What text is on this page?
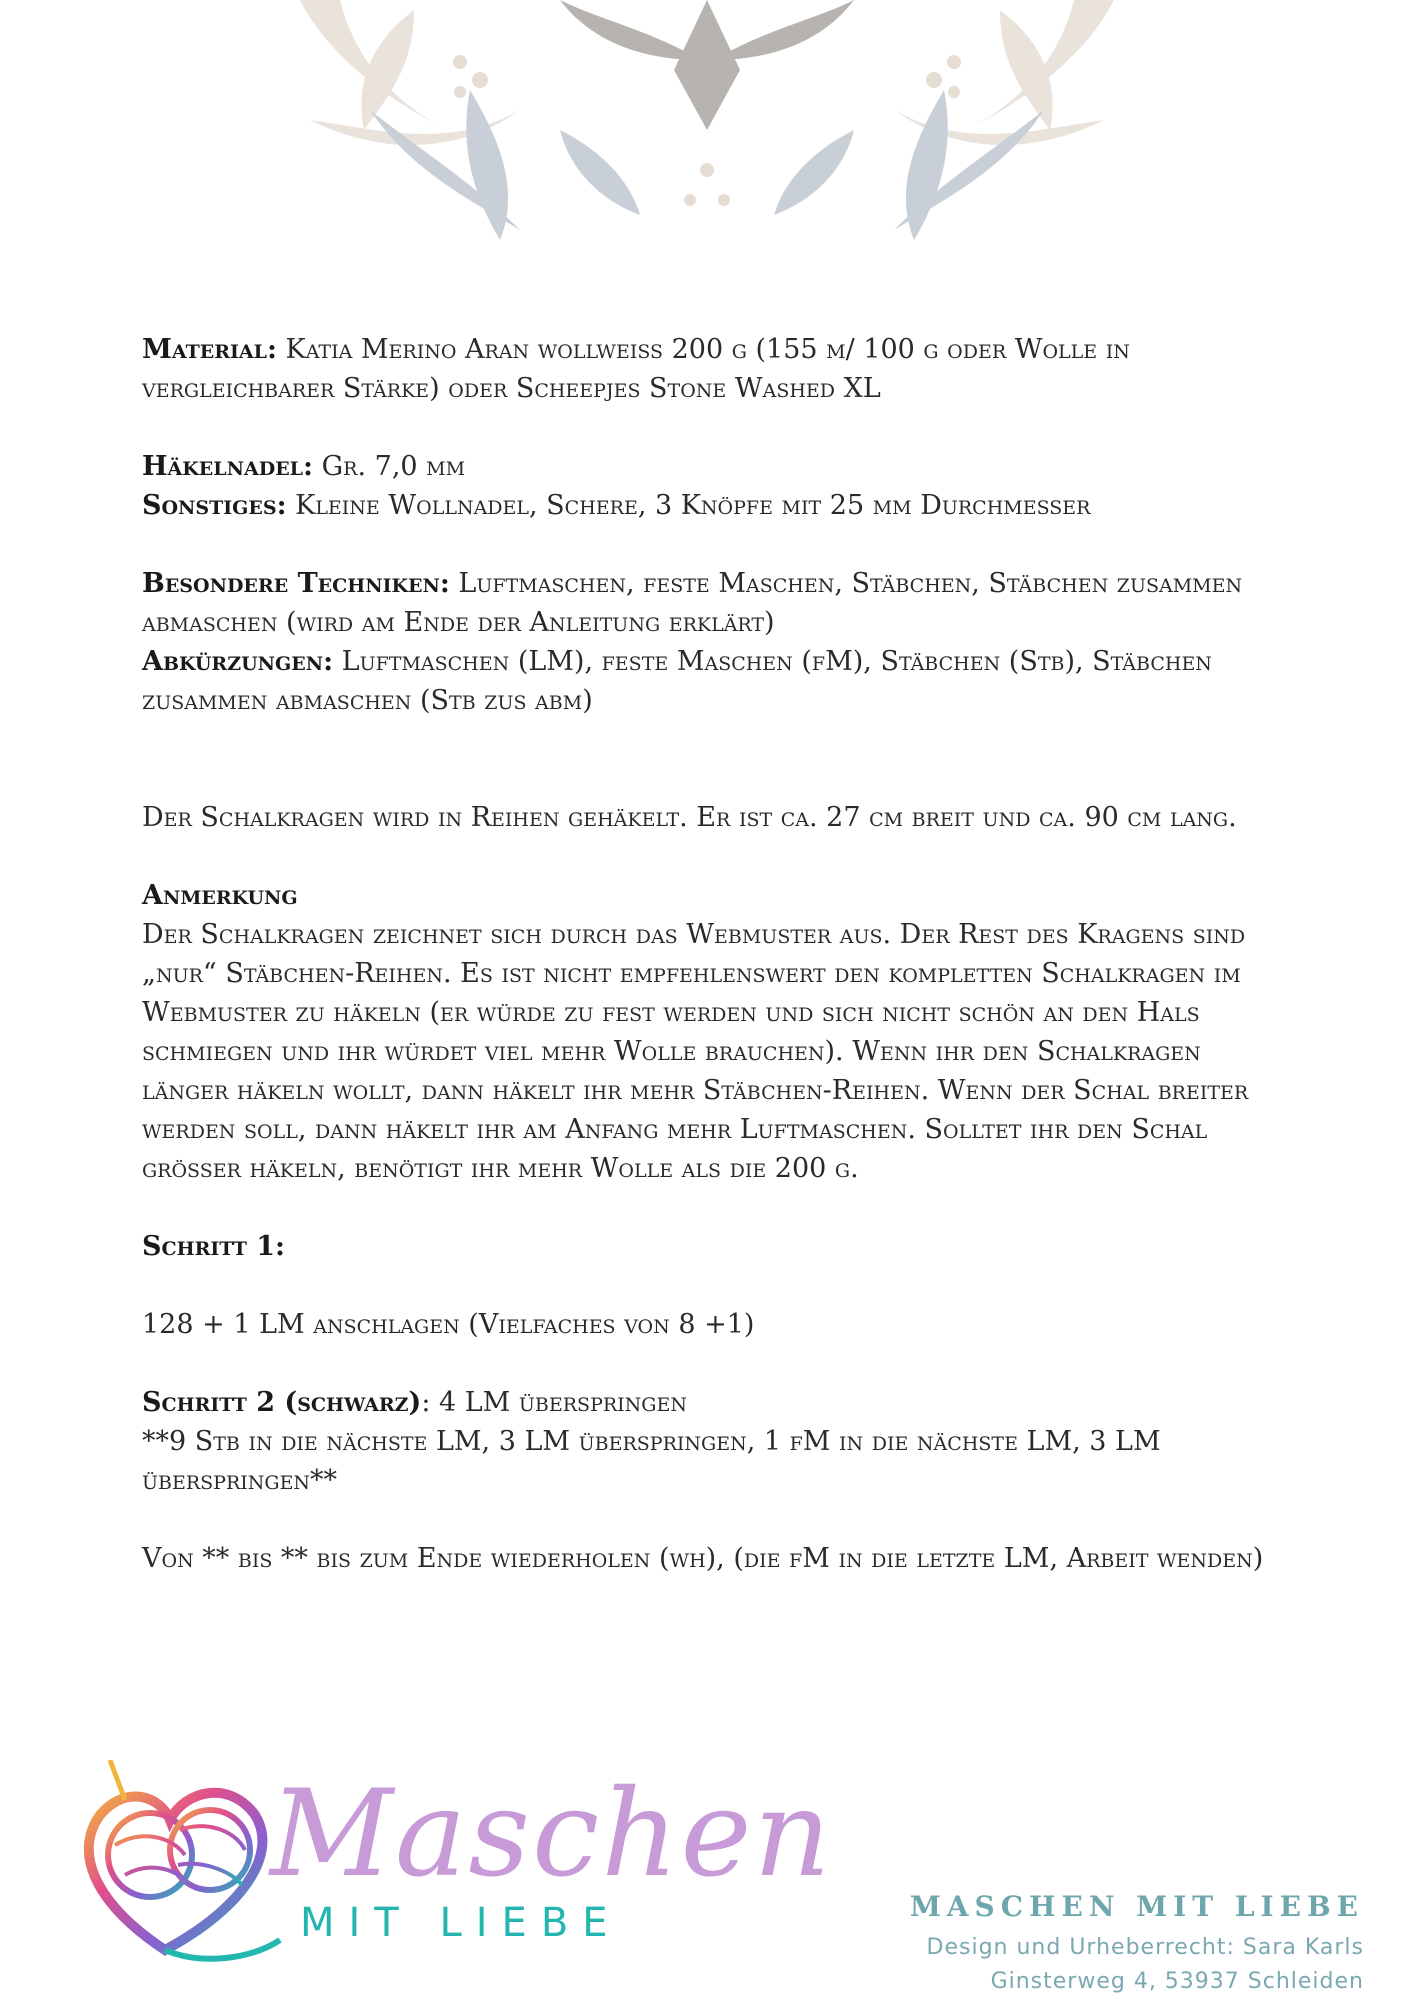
Material: Katia Merino Aran wollweiss 200 g (155 m/ 100 g oder Wolle in vergleichbarer Stärke) oder Scheepjes Stone Washed XL

Häkelnadel: Gr. 7,0 mm

Sonstiges: Kleine Wollnadel, Schere, 3 Knöpfe mit 25 mm Durchmesser

Besondere Techniken: Luftmaschen, feste Maschen, Stäbchen, Stäbchen zusammen abmaschen (wird am Ende der Anleitung erklärt)

Abkürzungen: Luftmaschen (LM), feste Maschen (fM), Stäbchen (Stb), Stäbchen zusammen abmaschen (Stb zus abm)

Der Schalkragen wird in Reihen gehäkelt. Er ist ca. 27 cm breit und ca. 90 cm lang.

Anmerkung

Der Schalkragen zeichnet sich durch das Webmuster aus. Der Rest des Kragens sind „nur“ Stäbchen-Reihen. Es ist nicht empfehlenswert den kompletten Schalkragen im Webmuster zu häkeln (er würde zu fest werden und sich nicht schön an den Hals schmiegen und ihr würdet viel mehr Wolle brauchen). Wenn ihr den Schalkragen länger häkeln wollt, dann häkelt ihr mehr Stäbchen-Reihen. Wenn der Schal breiter werden soll, dann häkelt ihr am Anfang mehr Luftmaschen. Solltet ihr den Schal grösser häkeln, benötigt ihr mehr Wolle als die 200 g.

Schritt 1:

128 + 1 LM anschlagen (Vielfaches von 8 +1)

Schritt 2 (schwarz): 4 LM überspringen

**9 Stb in die nächste LM, 3 LM überspringen, 1 fM in die nächste LM, 3 LM überspringen**

Von ** bis ** bis zum Ende wiederholen (wh), (die fM in die letzte LM, Arbeit wenden)

Maschen
MIT LIEBE	MASCHEN MIT LIEBE
Design und Urheberrecht: Sara Karls
Ginsterweg 4, 53937 Schleiden
